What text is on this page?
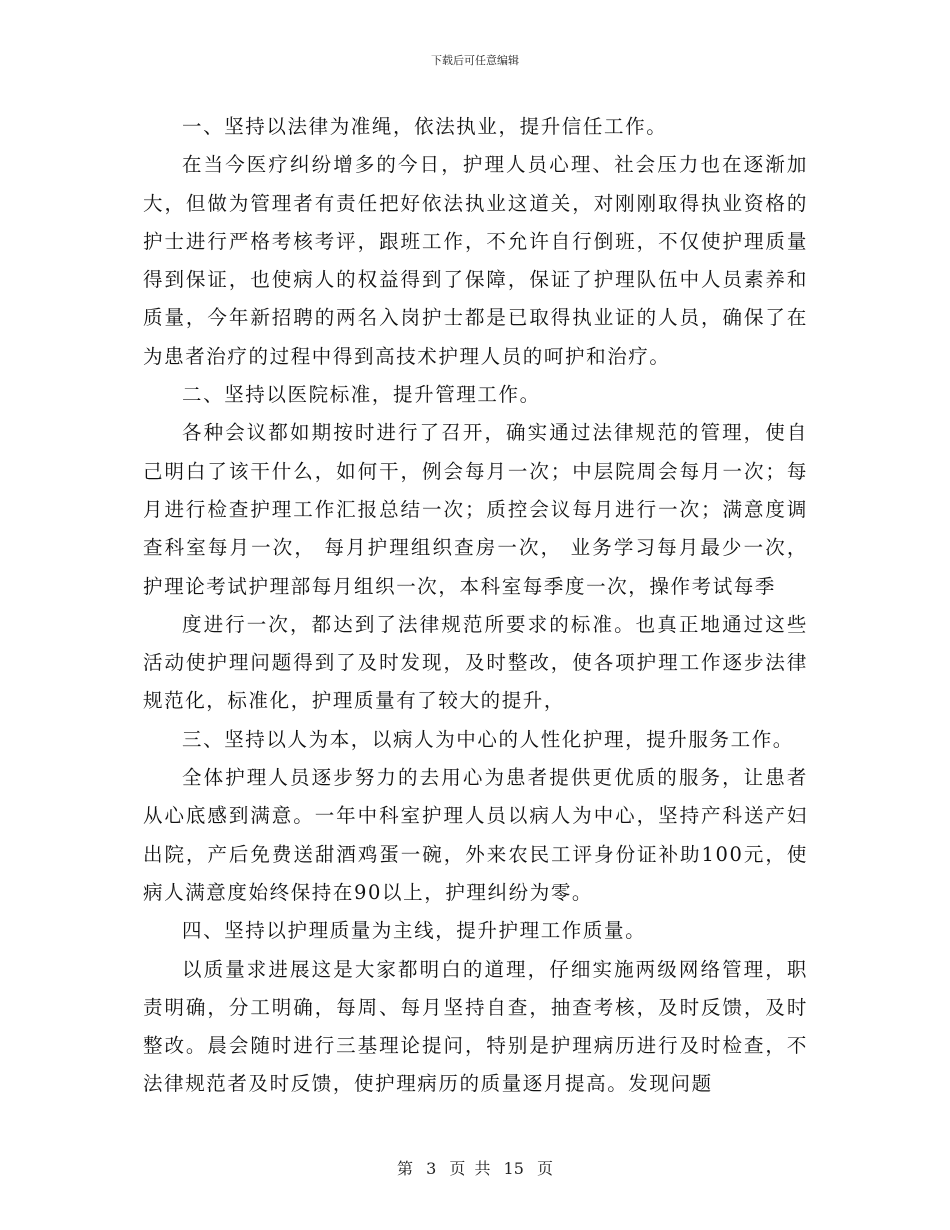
下载后可任意编辑

一、坚持以法律为准绳，依法执业，提升信任工作。

在当今医疗纠纷增多的今日，护理人员心理、社会压力也在逐渐加大，但做为管理者有责任把好依法执业这道关，对刚刚取得执业资格的护士进行严格考核考评，跟班工作，不允许自行倒班，不仅使护理质量得到保证，也使病人的权益得到了保障，保证了护理队伍中人员素养和质量，今年新招聘的两名入岗护士都是已取得执业证的人员，确保了在为患者治疗的过程中得到高技术护理人员的呵护和治疗。

二、坚持以医院标准，提升管理工作。

各种会议都如期按时进行了召开，确实通过法律规范的管理，使自己明白了该干什么，如何干，例会每月一次；中层院周会每月一次；每月进行检查护理工作汇报总结一次；质控会议每月进行一次；满意度调查科室每月一次， 每月护理组织查房一次， 业务学习每月最少一次，护理论考试护理部每月组织一次，本科室每季度一次，操作考试每季

度进行一次，都达到了法律规范所要求的标准。也真正地通过这些活动使护理问题得到了及时发现，及时整改，使各项护理工作逐步法律规范化，标准化，护理质量有了较大的提升，

三、坚持以人为本，以病人为中心的人性化护理，提升服务工作。

全体护理人员逐步努力的去用心为患者提供更优质的服务，让患者从心底感到满意。一年中科室护理人员以病人为中心，坚持产科送产妇出院，产后免费送甜酒鸡蛋一碗，外来农民工评身份证补助100元，使病人满意度始终保持在90以上，护理纠纷为零。

四、坚持以护理质量为主线，提升护理工作质量。

以质量求进展这是大家都明白的道理，仔细实施两级网络管理，职责明确，分工明确，每周、每月坚持自查，抽查考核，及时反馈，及时整改。晨会随时进行三基理论提问，特别是护理病历进行及时检查，不法律规范者及时反馈，使护理病历的质量逐月提高。发现问题

第 3 页 共 15 页
